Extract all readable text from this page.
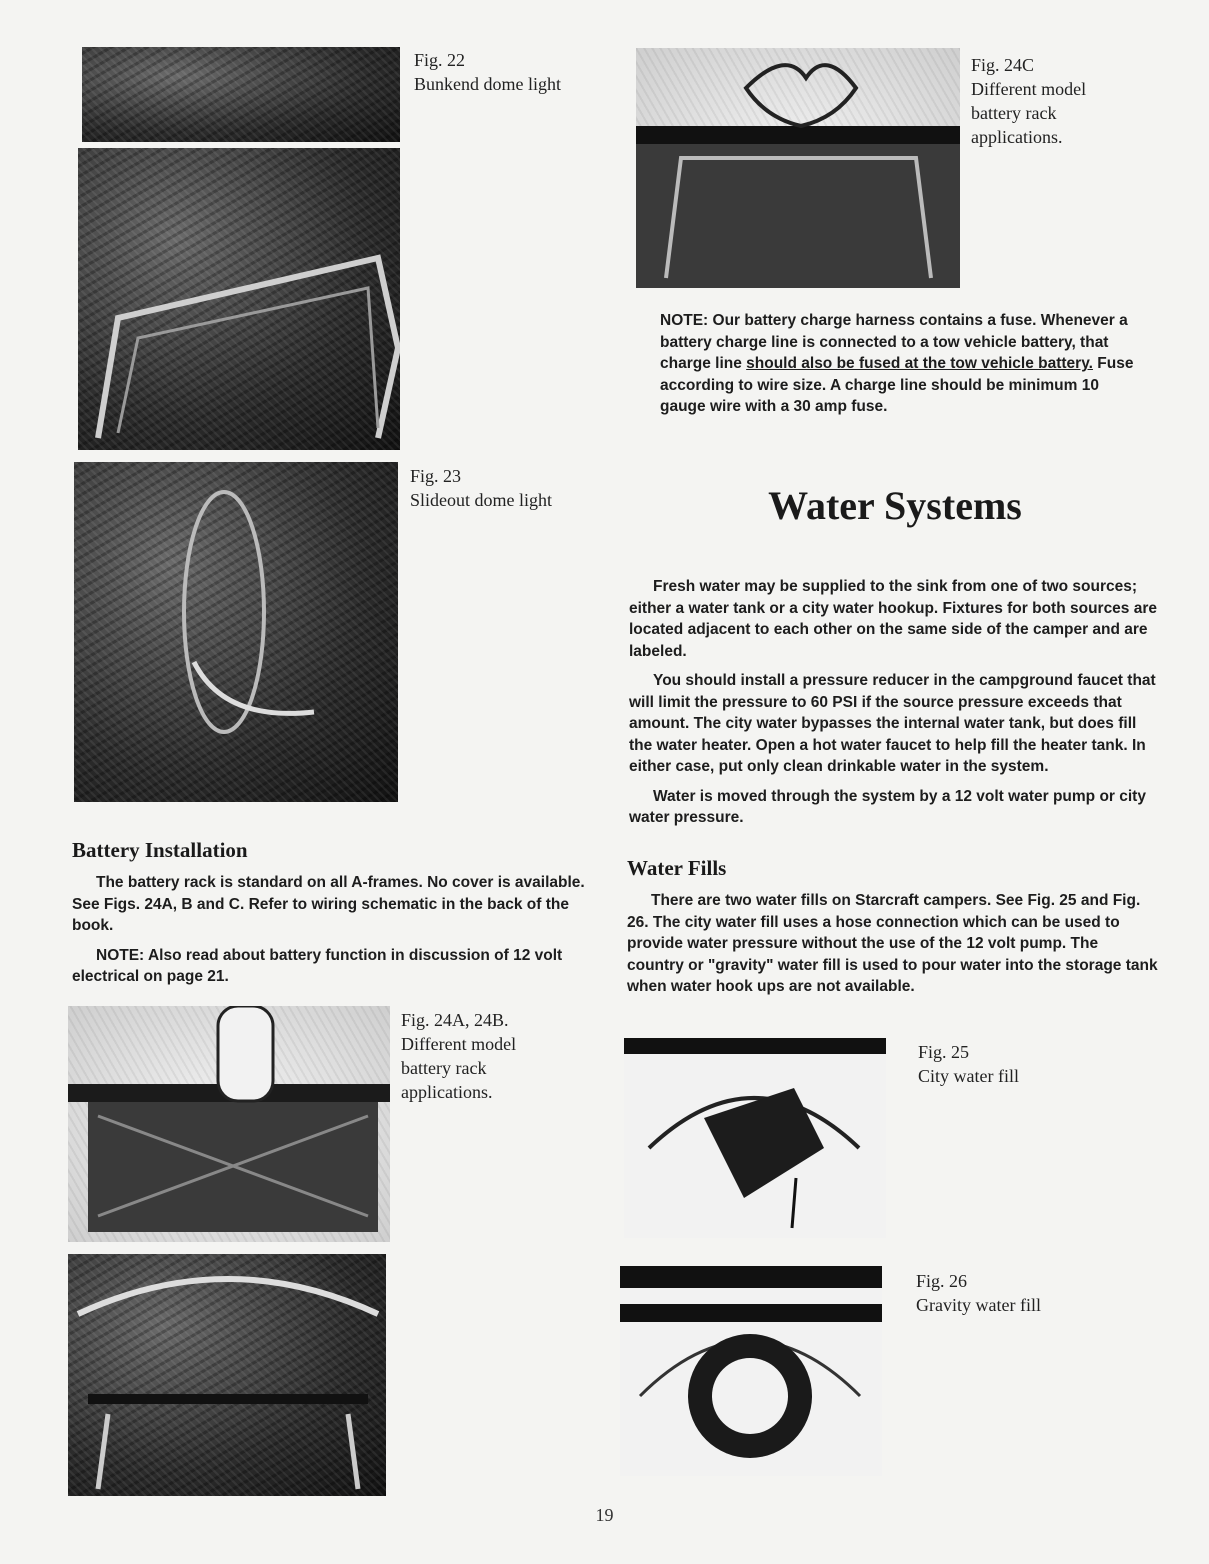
Fig. 22
Bunkend dome light
Fig. 23
Slideout dome light
Battery Installation

The battery rack is standard on all A-frames. No cover is available. See Figs. 24A, B and C. Refer to wiring schematic in the back of the book.

NOTE: Also read about battery function in discussion of 12 volt electrical on page 21.

Fig. 24A, 24B.
Different model
battery rack
applications.
Fig. 24C
Different model
battery rack
applications.
NOTE: Our battery charge harness contains a fuse. Whenever a battery charge line is connected to a tow vehicle battery, that charge line should also be fused at the tow vehicle battery. Fuse according to wire size. A charge line should be minimum 10 gauge wire with a 30 amp fuse.
Water Systems

Fresh water may be supplied to the sink from one of two sources; either a water tank or a city water hookup. Fixtures for both sources are located adjacent to each other on the same side of the camper and are labeled.

You should install a pressure reducer in the campground faucet that will limit the pressure to 60 PSI if the source pressure exceeds that amount. The city water bypasses the internal water tank, but does fill the water heater. Open a hot water faucet to help fill the heater tank. In either case, put only clean drinkable water in the system.

Water is moved through the system by a 12 volt water pump or city water pressure.

Water Fills

There are two water fills on Starcraft campers. See Fig. 25 and Fig. 26. The city water fill uses a hose connection which can be used to provide water pressure without the use of the 12 volt pump. The country or "gravity" water fill is used to pour water into the storage tank when water hook ups are not available.

Fig. 25
City water fill
Fig. 26
Gravity water fill
19
